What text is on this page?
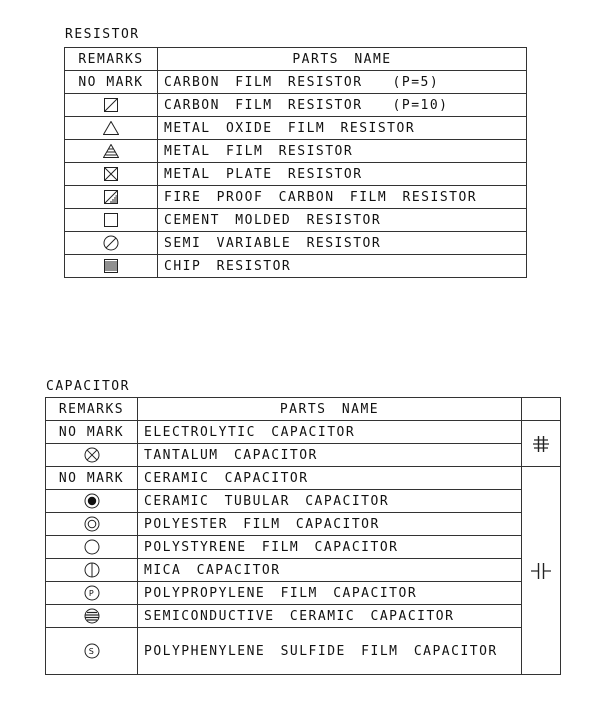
RESISTOR
REMARKS	PARTS NAME
NO MARK	CARBON FILM RESISTOR (P=5)
	CARBON FILM RESISTOR (P=10)
	METAL OXIDE FILM RESISTOR
	METAL FILM RESISTOR
	METAL PLATE RESISTOR
	FIRE PROOF CARBON FILM RESISTOR
	CEMENT MOLDED RESISTOR
	SEMI VARIABLE RESISTOR
	CHIP RESISTOR
CAPACITOR
REMARKS	PARTS NAME	
NO MARK	ELECTROLYTIC CAPACITOR	
	TANTALUM CAPACITOR	
NO MARK	CERAMIC CAPACITOR	
	CERAMIC TUBULAR CAPACITOR	
	POLYESTER FILM CAPACITOR	
	POLYSTYRENE FILM CAPACITOR	
	MICA CAPACITOR	

P	POLYPROPYLENE FILM CAPACITOR	
	SEMICONDUCTIVE CERAMIC CAPACITOR	

S	POLYPHENYLENE SULFIDE FILM CAPACITOR	
